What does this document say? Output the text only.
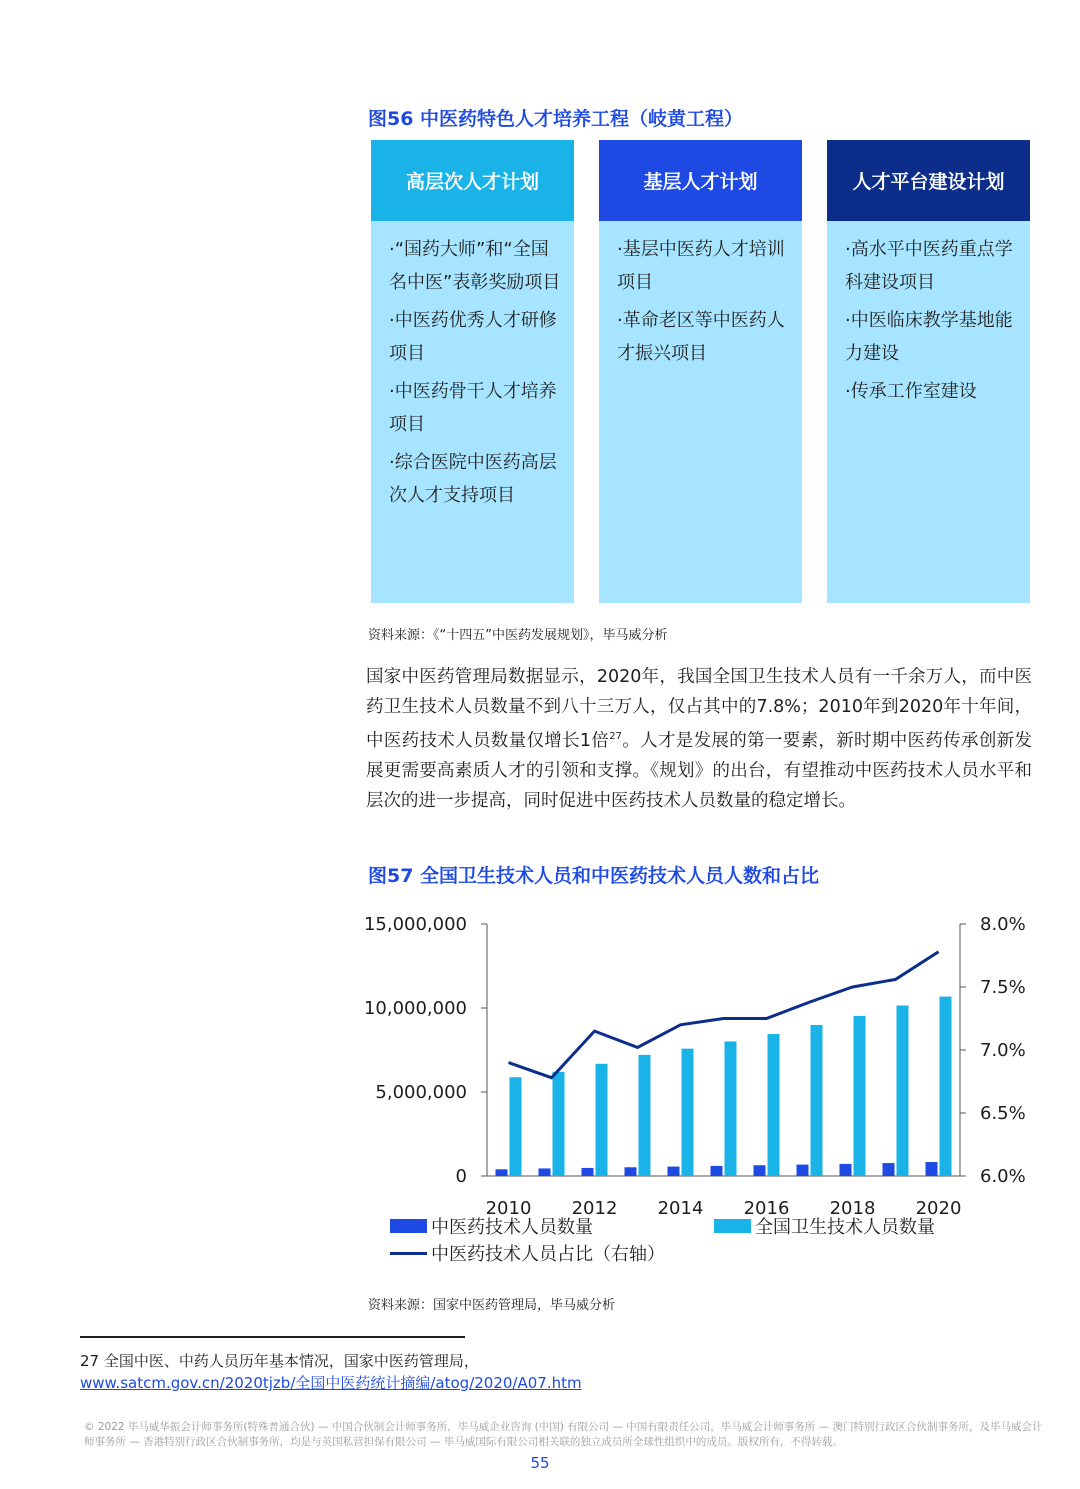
图56 中医药特色人才培养工程（岐黄工程）
高层次人才计划
·“国药大师”和“全国名中医”表彰奖励项目
·中医药优秀人才研修项目
·中医药骨干人才培养项目
·综合医院中医药高层次人才支持项目
基层人才计划
·基层中医药人才培训项目
·革命老区等中医药人才振兴项目
人才平台建设计划
·高水平中医药重点学科建设项目
·中医临床教学基地能力建设
·传承工作室建设
资料来源：《“十四五”中医药发展规划》，毕马威分析
国家中医药管理局数据显示，2020年，我国全国卫生技术人员有一千余万人，而中医药卫生技术人员数量不到八十三万人，仅占其中的7.8%；2010年到2020年十年间，中医药技术人员数量仅增长1倍$^{27}$。人才是发展的第一要素，新时期中医药传承创新发展更需要高素质人才的引领和支撑。《规划》的出台，有望推动中医药技术人员水平和层次的进一步提高，同时促进中医药技术人员数量的稳定增长。
图57 全国卫生技术人员和中医药技术人员人数和占比
0
5,000,000
10,000,000
15,000,000
6.0%
6.5%
7.0%
7.5%
8.0%
2010 2012 2014 2016 2018 2020
中医药技术人员数量	全国卫生技术人员数量
中医药技术人员占比（右轴）
资料来源：国家中医药管理局，毕马威分析
27 全国中医、中药人员历年基本情况，国家中医药管理局，
www.satcm.gov.cn/2020tjzb/全国中医药统计摘编/atog/2020/A07.htm
© 2022 毕马威华振会计师事务所(特殊普通合伙) — 中国合伙制会计师事务所，毕马威企业咨询 (中国) 有限公司 — 中国有限责任公司，毕马威会计师事务所 — 澳门特别行政区合伙制事务所，及毕马威会计师事务所 — 香港特别行政区合伙制事务所，均是与英国私营担保有限公司 — 毕马威国际有限公司相关联的独立成员所全球性组织中的成员。版权所有，不得转载。
55
